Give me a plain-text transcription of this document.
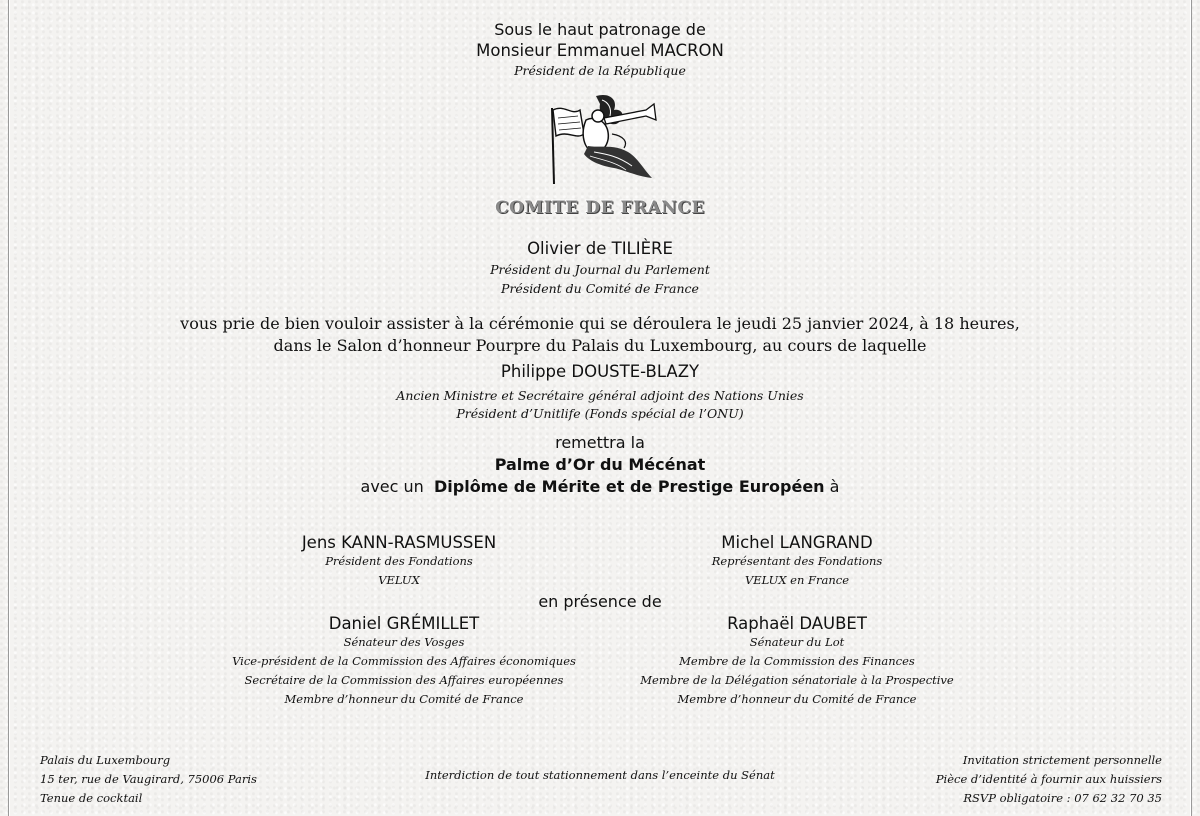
Sous le haut patronage de
Monsieur Emmanuel MACRON
Président de la République
COMITE DE FRANCE
Olivier de TILIÈRE
Président du Journal du Parlement
Président du Comité de France
vous prie de bien vouloir assister à la cérémonie qui se déroulera le jeudi 25 janvier 2024, à 18 heures,
dans le Salon d’honneur Pourpre du Palais du Luxembourg, au cours de laquelle
Philippe DOUSTE-BLAZY
Ancien Ministre et Secrétaire général adjoint des Nations Unies
Président d’Unitlife (Fonds spécial de l’ONU)
remettra la
Palme d’Or du Mécénat
avec un Diplôme de Mérite et de Prestige Européen à
Jens KANN-RASMUSSEN
Président des Fondations
VELUX
Michel LANGRAND
Représentant des Fondations
VELUX en France
en présence de
Daniel GRÉMILLET
Sénateur des Vosges
Vice-président de la Commission des Affaires économiques
Secrétaire de la Commission des Affaires européennes
Membre d’honneur du Comité de France
Raphaël DAUBET
Sénateur du Lot
Membre de la Commission des Finances
Membre de la Délégation sénatoriale à la Prospective
Membre d’honneur du Comité de France
Palais du Luxembourg
15 ter, rue de Vaugirard, 75006 Paris
Tenue de cocktail
Interdiction de tout stationnement dans l’enceinte du Sénat
Invitation strictement personnelle
Pièce d’identité à fournir aux huissiers
RSVP obligatoire : 07 62 32 70 35
